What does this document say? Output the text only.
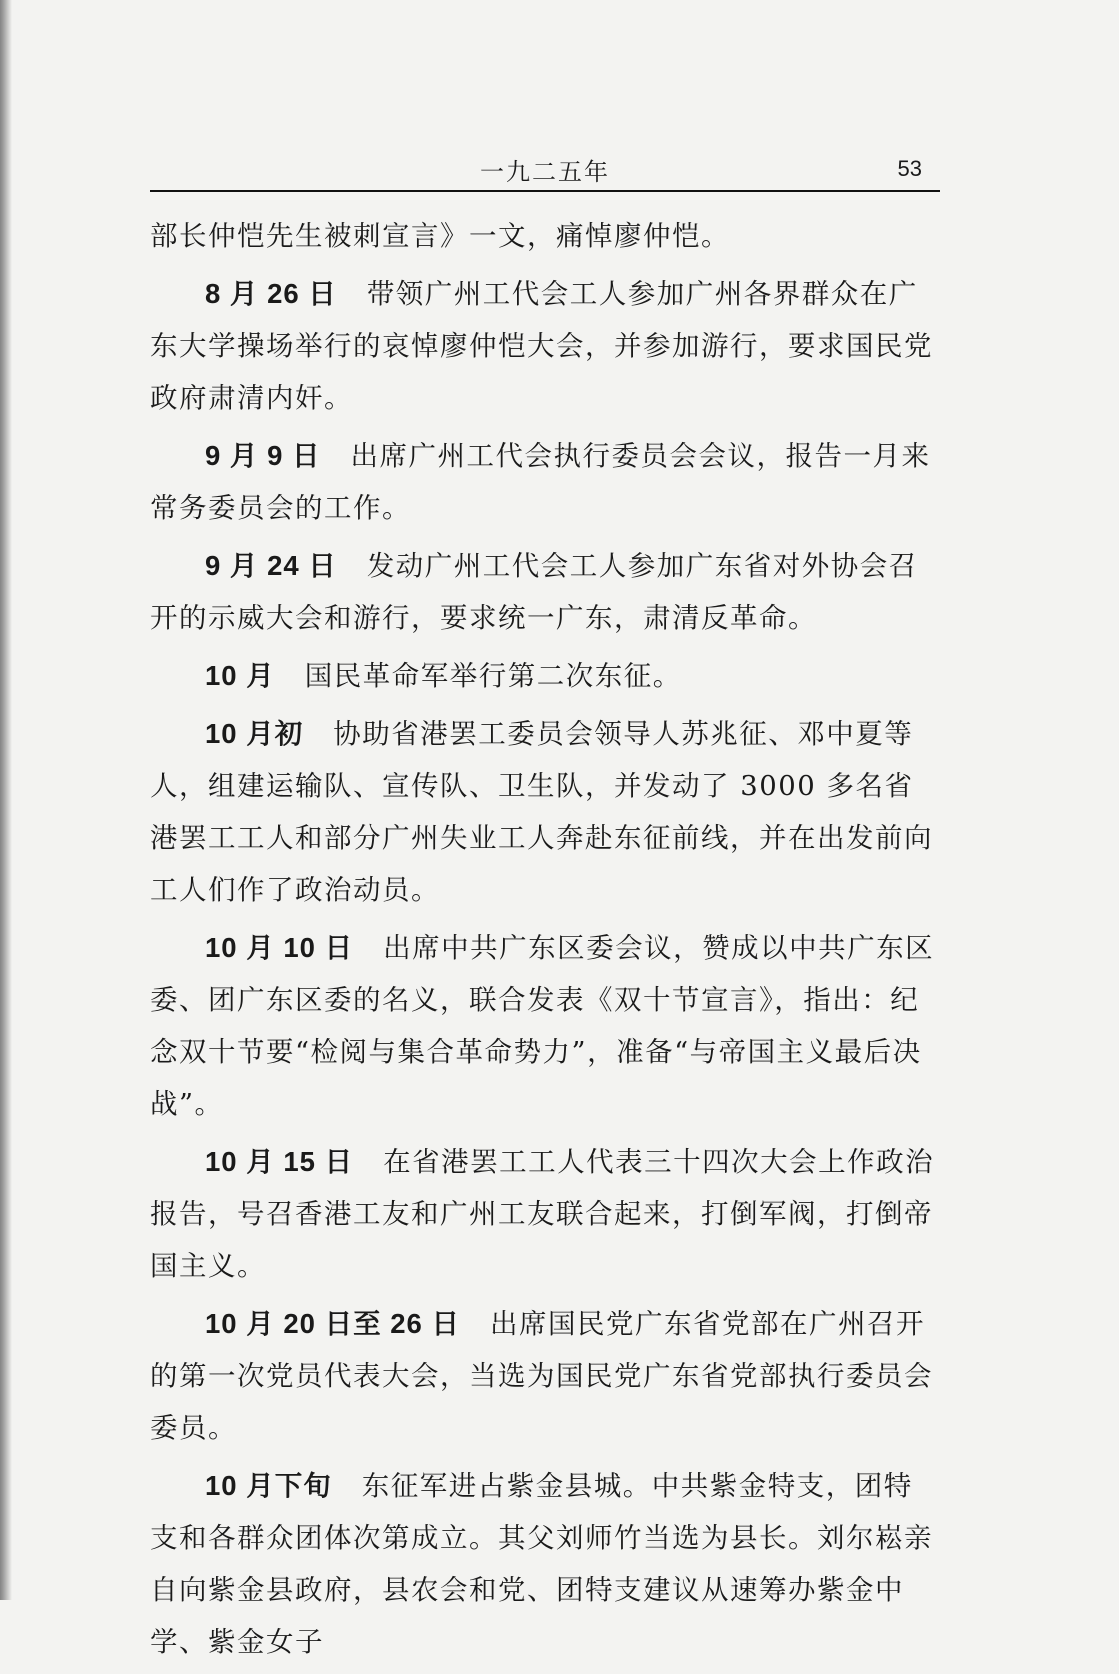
一九二五年	53

部长仲恺先生被刺宣言》一文，痛悼廖仲恺。

8 月 26 日 带领广州工代会工人参加广州各界群众在广东大学操场举行的哀悼廖仲恺大会，并参加游行，要求国民党政府肃清内奸。

9 月 9 日 出席广州工代会执行委员会会议，报告一月来常务委员会的工作。

9 月 24 日 发动广州工代会工人参加广东省对外协会召开的示威大会和游行，要求统一广东，肃清反革命。

10 月 国民革命军举行第二次东征。

10 月初 协助省港罢工委员会领导人苏兆征、邓中夏等人，组建运输队、宣传队、卫生队，并发动了 3000 多名省港罢工工人和部分广州失业工人奔赴东征前线，并在出发前向工人们作了政治动员。

10 月 10 日 出席中共广东区委会议，赞成以中共广东区委、团广东区委的名义，联合发表《双十节宣言》，指出：纪念双十节要“检阅与集合革命势力”，准备“与帝国主义最后决战”。

10 月 15 日 在省港罢工工人代表三十四次大会上作政治报告，号召香港工友和广州工友联合起来，打倒军阀，打倒帝国主义。

10 月 20 日至 26 日 出席国民党广东省党部在广州召开的第一次党员代表大会，当选为国民党广东省党部执行委员会委员。

10 月下旬 东征军进占紫金县城。中共紫金特支，团特支和各群众团体次第成立。其父刘师竹当选为县长。刘尔崧亲自向紫金县政府，县农会和党、团特支建议从速筹办紫金中学、紫金女子
